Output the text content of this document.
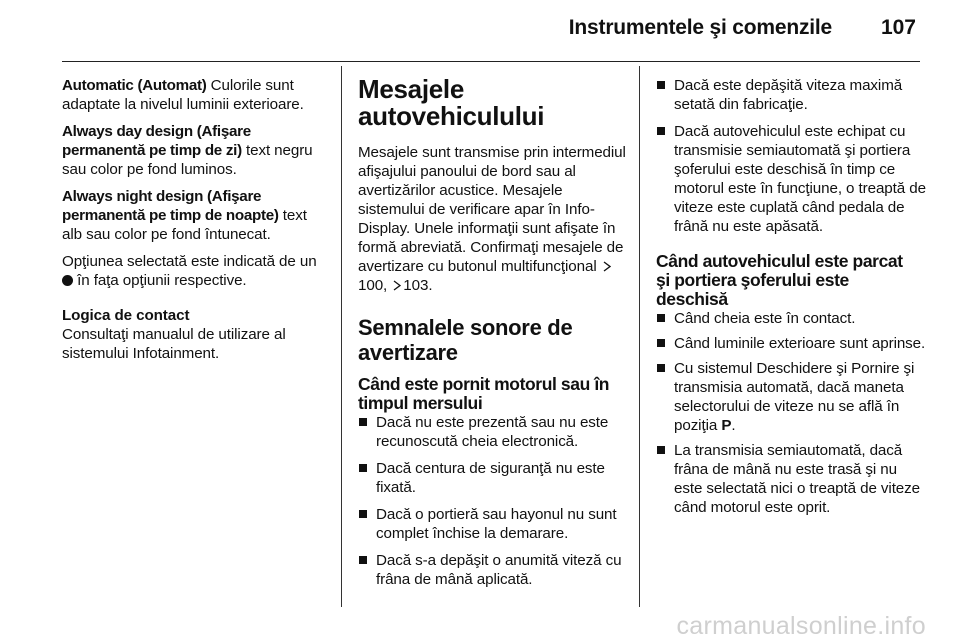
Instrumentele şi comenzile 107

Automatic (Automat) Culorile sunt adaptate la nivelul luminii exterioare.

Always day design (Afişare permanentă pe timp de zi) text negru sau color pe fond luminos.

Always night design (Afişare permanentă pe timp de noapte) text alb sau color pe fond întunecat.

Opţiunea selectată este indicată de un  în faţa opţiunii respective.

Logica de contact

Consultaţi manualul de utilizare al sistemului Infotainment.

Mesajele
autovehiculului

Mesajele sunt transmise prin intermediul afişajului panoului de bord sau al avertizărilor acustice. Mesajele sistemului de verificare apar în Info-Display. Unele informaţii sunt afişate în formă abreviată. Confirmaţi mesajele de avertizare cu butonul multifuncţional 100, 103.

Semnalele sonore de
avertizare
Când este pornit motorul sau în
timpul mersului
Dacă nu este prezentă sau nu este recunoscută cheia electronică.
Dacă centura de siguranţă nu este fixată.
Dacă o portieră sau hayonul nu sunt complet închise la demarare.
Dacă s-a depăşit o anumită viteză cu frâna de mână aplicată.
Dacă este depăşită viteza maximă setată din fabricaţie.
Dacă autovehiculul este echipat cu transmisie semiautomată şi portiera şoferului este deschisă în timp ce motorul este în funcţiune, o treaptă de viteze este cuplată când pedala de frână nu este apăsată.
Când autovehiculul este parcat
şi portiera şoferului este
deschisă
Când cheia este în contact.
Când luminile exterioare sunt aprinse.
Cu sistemul Deschidere şi Pornire şi transmisia automată, dacă maneta selectorului de viteze nu se află în poziţia P.
La transmisia semiautomată, dacă frâna de mână nu este trasă şi nu este selectată nici o treaptă de viteze când motorul este oprit.
carmanualsonline.info
